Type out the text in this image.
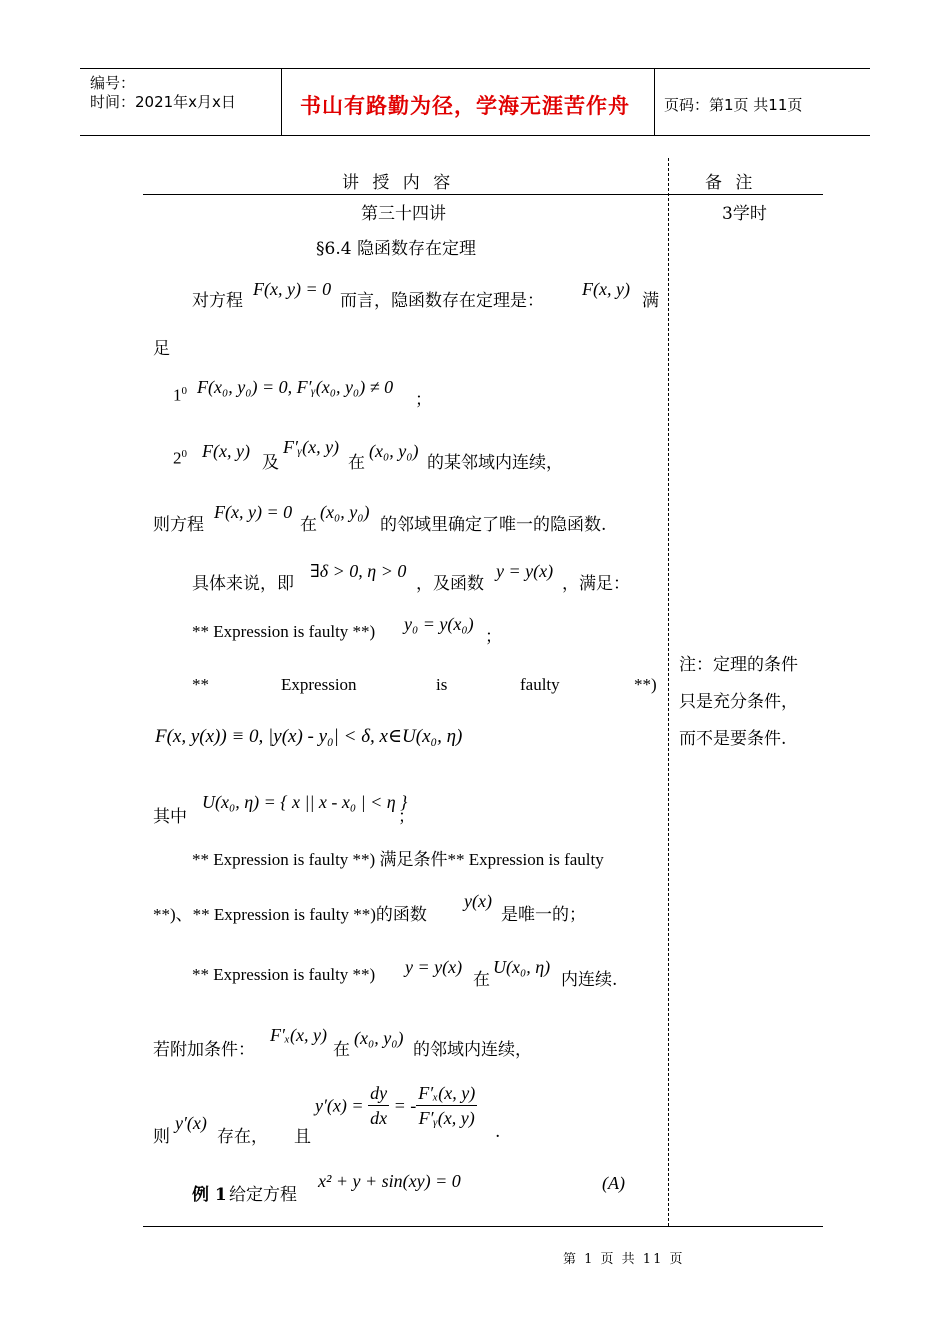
编号：
时间：2021年x月x日	书山有路勤为径，学海无涯苦作舟 页码：第1页 共11页
讲 授 内 容	备 注
第三十四讲	3学时
§6.4 隐函数存在定理
对方程
F(x, y) = 0
而言，隐函数存在定理是：
F(x, y)
满
足
$1^0$ F(x₀, y₀) = 0, F′ᵧ(x₀, y₀) ≠ 0
；
$2^0$ F(x, y)
及
F′ᵧ(x, y)
在
(x₀, y₀)
的某邻域内连续，
则方程
F(x, y) = 0
在
(x₀, y₀)
的邻域里确定了唯一的隐函数.
具体来说，即
∃δ > 0, η > 0
，及函数
y = y(x)
，满足：
** Expression is faulty **) y₀ = y(x₀)
；
**	Expression	is	faulty	**)
F(x, y(x)) ≡ 0, |y(x) - y₀| < δ, x∈U(x₀, η)
其中
U(x₀, η) = { x || x - x₀ | < η }
；
** Expression is faulty **) 满足条件** Expression is faulty
**)、** Expression is faulty **)的函数
y(x)
是唯一的；
** Expression is faulty **) y = y(x)
在
U(x₀, η)
内连续.
若附加条件：
F′ₓ(x, y)
在
(x₀, y₀)
的邻域内连续，
则
y′(x)
存在， 且
$y'(x) = \frac{dy}{dx}$ = - $\frac{\text{F′ₓ(x, y)}}{\text{F′ᵧ(x, y)}}$
.
例 1 给定方程
x² + y + sin(xy) = 0	(A)
注：定理的条件
只是充分条件，
而不是要条件.
第 1 页 共 11 页
